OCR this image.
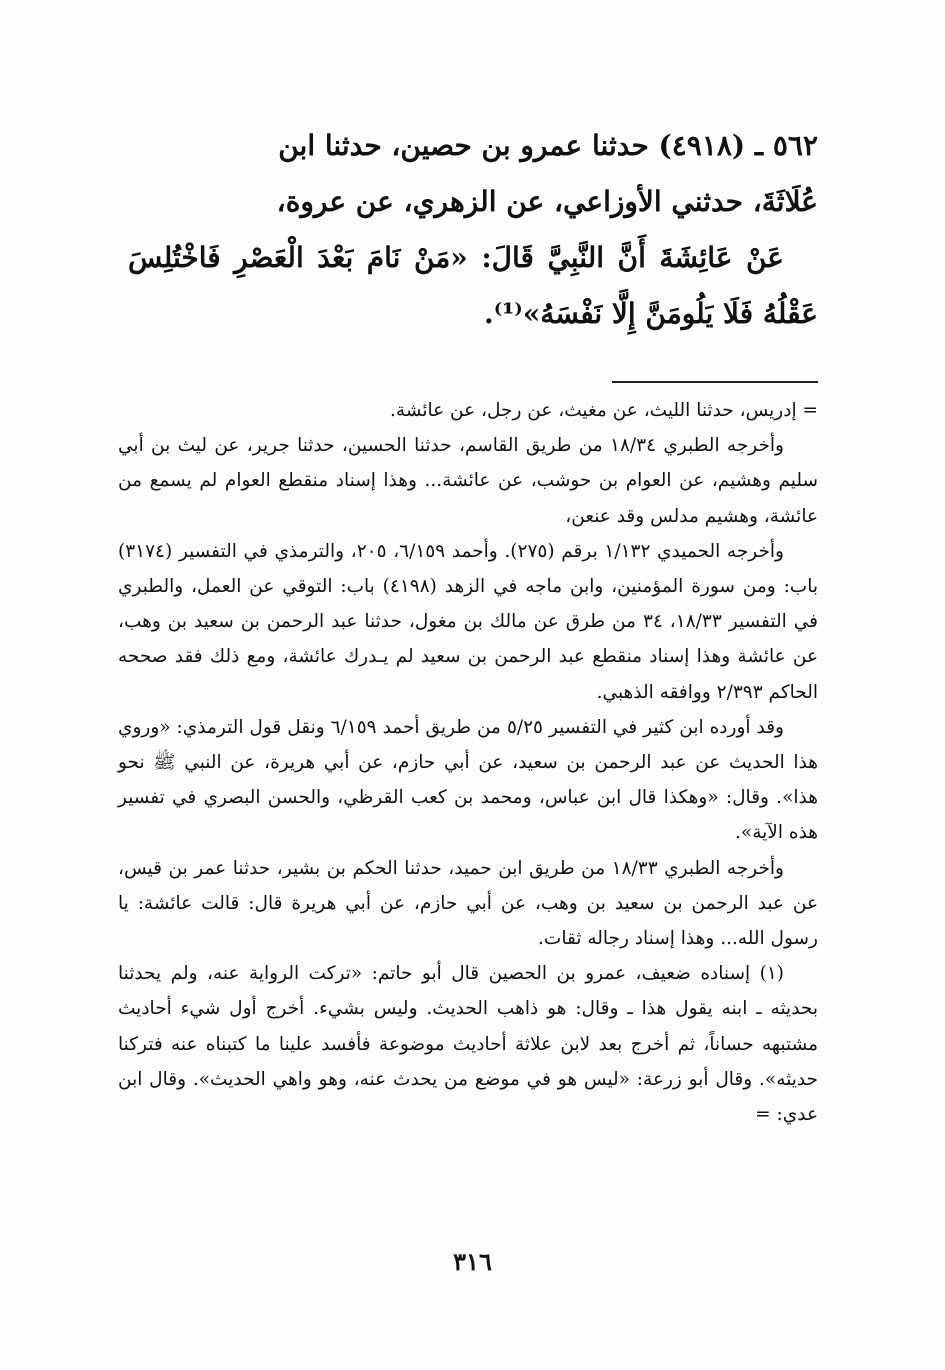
٥٦٢ ـ (٤٩١٨) حدثنا عمرو بن حصين، حدثنا ابن

عُلَاثَةَ، حدثني الأوزاعي، عن الزهري، عن عروة،

عَنْ عَائِشَةَ أَنَّ النَّبِيَّ قَالَ: «مَنْ نَامَ بَعْدَ الْعَصْرِ فَاخْتُلِسَ عَقْلُهُ فَلَا يَلُومَنَّ إِلَّا نَفْسَهُ»⁽¹⁾.

= إدريس، حدثنا الليث، عن مغيث، عن رجل، عن عائشة.

وأخرجه الطبري ١٨/٣٤ من طريق القاسم، حدثنا الحسين، حدثنا جرير، عن ليث بن أبي سليم وهشيم، عن العوام بن حوشب، عن عائشة... وهذا إسناد منقطع العوام لم يسمع من عائشة، وهشيم مدلس وقد عنعن،

وأخرجه الحميدي ١/١٣٢ برقم (٢٧٥). وأحمد ٦/١٥٩، ٢٠٥، والترمذي في التفسير (٣١٧٤) باب: ومن سورة المؤمنين، وابن ماجه في الزهد (٤١٩٨) باب: التوقي عن العمل، والطبري في التفسير ١٨/٣٣، ٣٤ من طرق عن مالك بن مغول، حدثنا عبد الرحمن بن سعيد بن وهب، عن عائشة وهذا إسناد منقطع عبد الرحمن بن سعيد لم يـدرك عائشة، ومع ذلك فقد صححه الحاكم ٢/٣٩٣ ووافقه الذهبي.

وقد أورده ابن كثير في التفسير ٥/٢٥ من طريق أحمد ٦/١٥٩ ونقل قول الترمذي: «وروي هذا الحديث عن عبد الرحمن بن سعيد، عن أبي حازم، عن أبي هريرة، عن النبي ﷺ نحو هذا». وقال: «وهكذا قال ابن عباس، ومحمد بن كعب القرظي، والحسن البصري في تفسير هذه الآية».

وأخرجه الطبري ١٨/٣٣ من طريق ابن حميد، حدثنا الحكم بن بشير، حدثنا عمر بن قيس، عن عبد الرحمن بن سعيد بن وهب، عن أبي حازم، عن أبي هريرة قال: قالت عائشة: يا رسول الله... وهذا إسناد رجاله ثقات.

(١) إسناده ضعيف، عمرو بن الحصين قال أبو حاتم: «تركت الرواية عنه، ولم يحدثنا بحديثه ـ ابنه يقول هذا ـ وقال: هو ذاهب الحديث. وليس بشيء. أخرج أول شيء أحاديث مشتبهه حساناً، ثم أخرج بعد لابن علاثة أحاديث موضوعة فأفسد علينا ما كتبناه عنه فتركنا حديثه». وقال أبو زرعة: «ليس هو في موضع من يحدث عنه، وهو واهي الحديث». وقال ابن عدي: =

٣١٦
